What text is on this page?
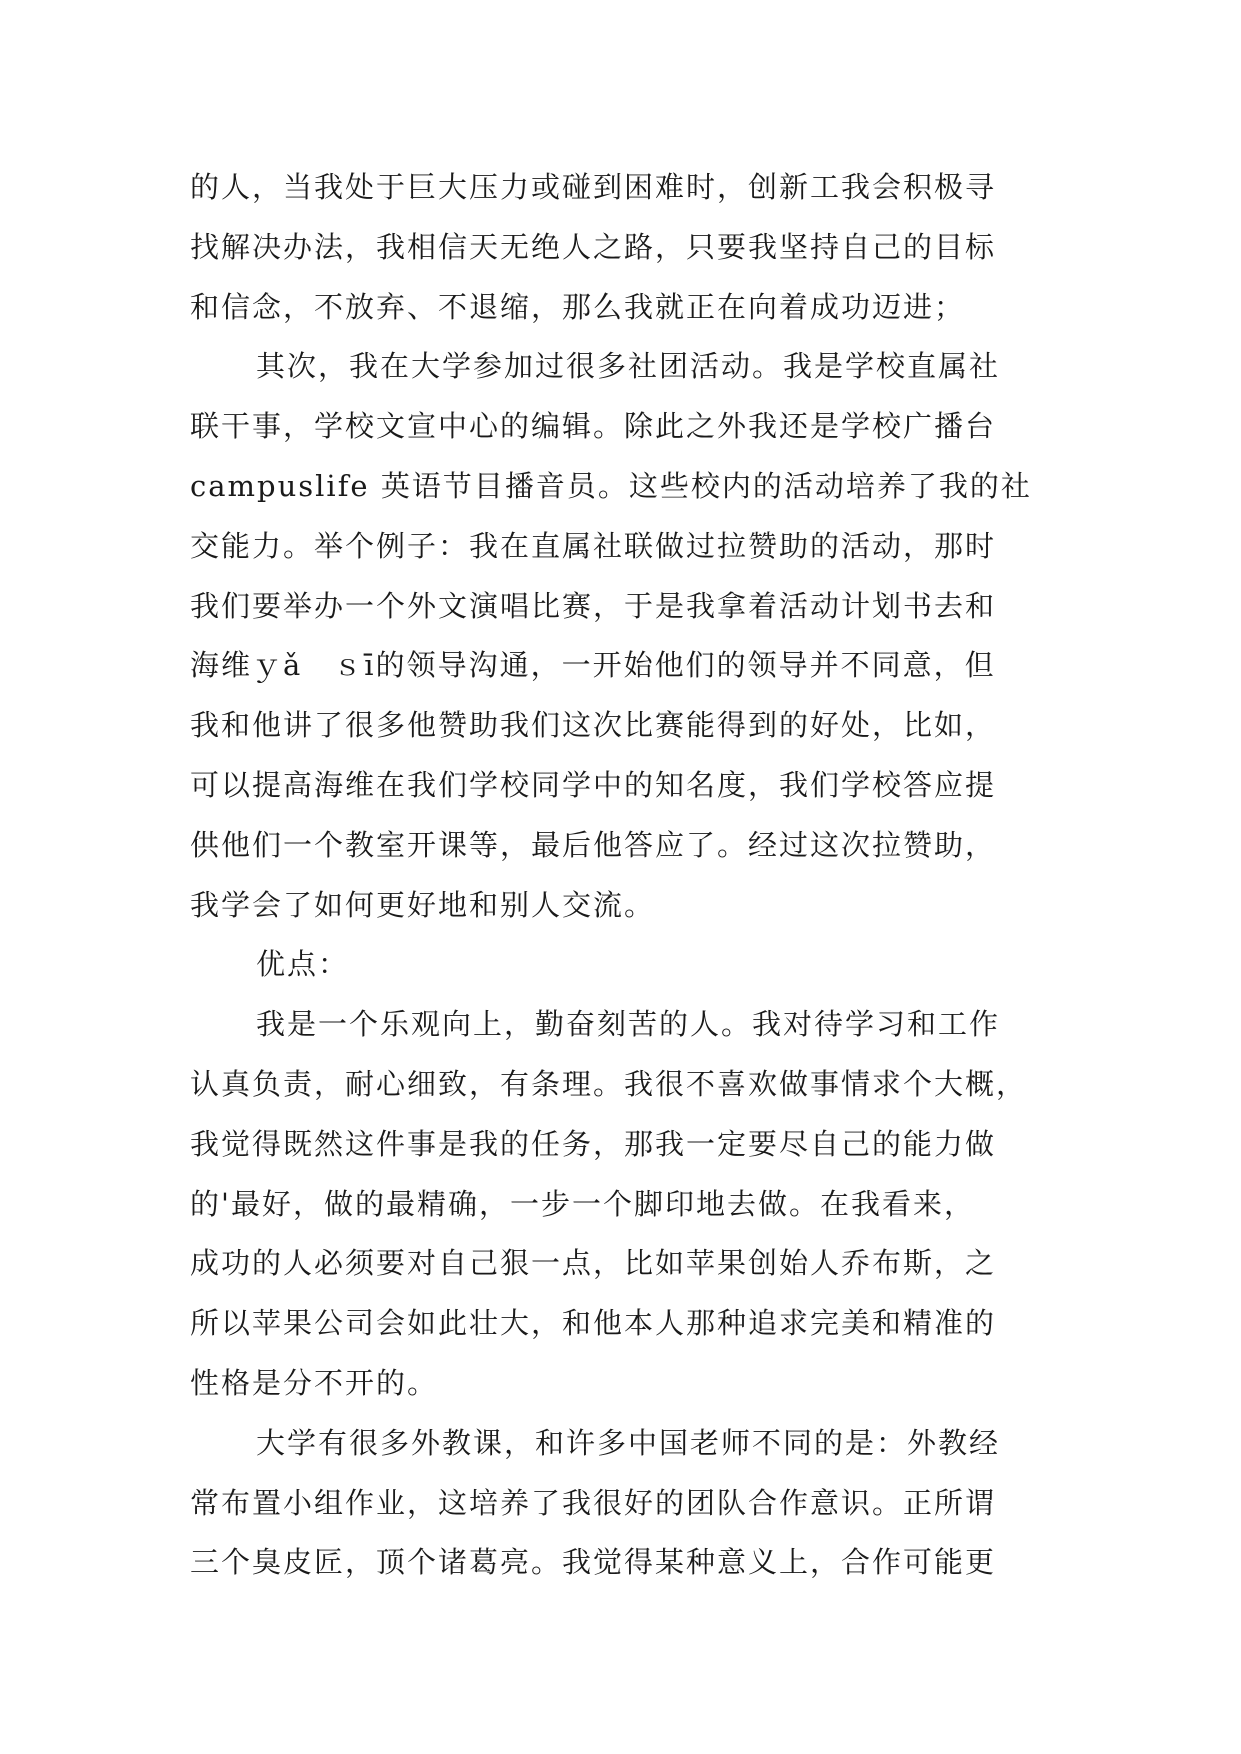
的人，当我处于巨大压力或碰到困难时，创新工我会积极寻
找解决办法，我相信天无绝人之路，只要我坚持自己的目标
和信念，不放弃、不退缩，那么我就正在向着成功迈进；
其次，我在大学参加过很多社团活动。我是学校直属社
联干事，学校文宣中心的编辑。除此之外我还是学校广播台
campuslife 英语节目播音员。这些校内的活动培养了我的社
交能力。举个例子：我在直属社联做过拉赞助的活动，那时
我们要举办一个外文演唱比赛，于是我拿着活动计划书去和
海维ｙǎ　ｓī的领导沟通，一开始他们的领导并不同意，但
我和他讲了很多他赞助我们这次比赛能得到的好处，比如，
可以提高海维在我们学校同学中的知名度，我们学校答应提
供他们一个教室开课等，最后他答应了。经过这次拉赞助，
我学会了如何更好地和别人交流。
优点：
我是一个乐观向上，勤奋刻苦的人。我对待学习和工作
认真负责，耐心细致，有条理。我很不喜欢做事情求个大概，
我觉得既然这件事是我的任务，那我一定要尽自己的能力做
的'最好，做的最精确，一步一个脚印地去做。在我看来，
成功的人必须要对自己狠一点，比如苹果创始人乔布斯，之
所以苹果公司会如此壮大，和他本人那种追求完美和精准的
性格是分不开的。
大学有很多外教课，和许多中国老师不同的是：外教经
常布置小组作业，这培养了我很好的团队合作意识。正所谓
三个臭皮匠，顶个诸葛亮。我觉得某种意义上，合作可能更
